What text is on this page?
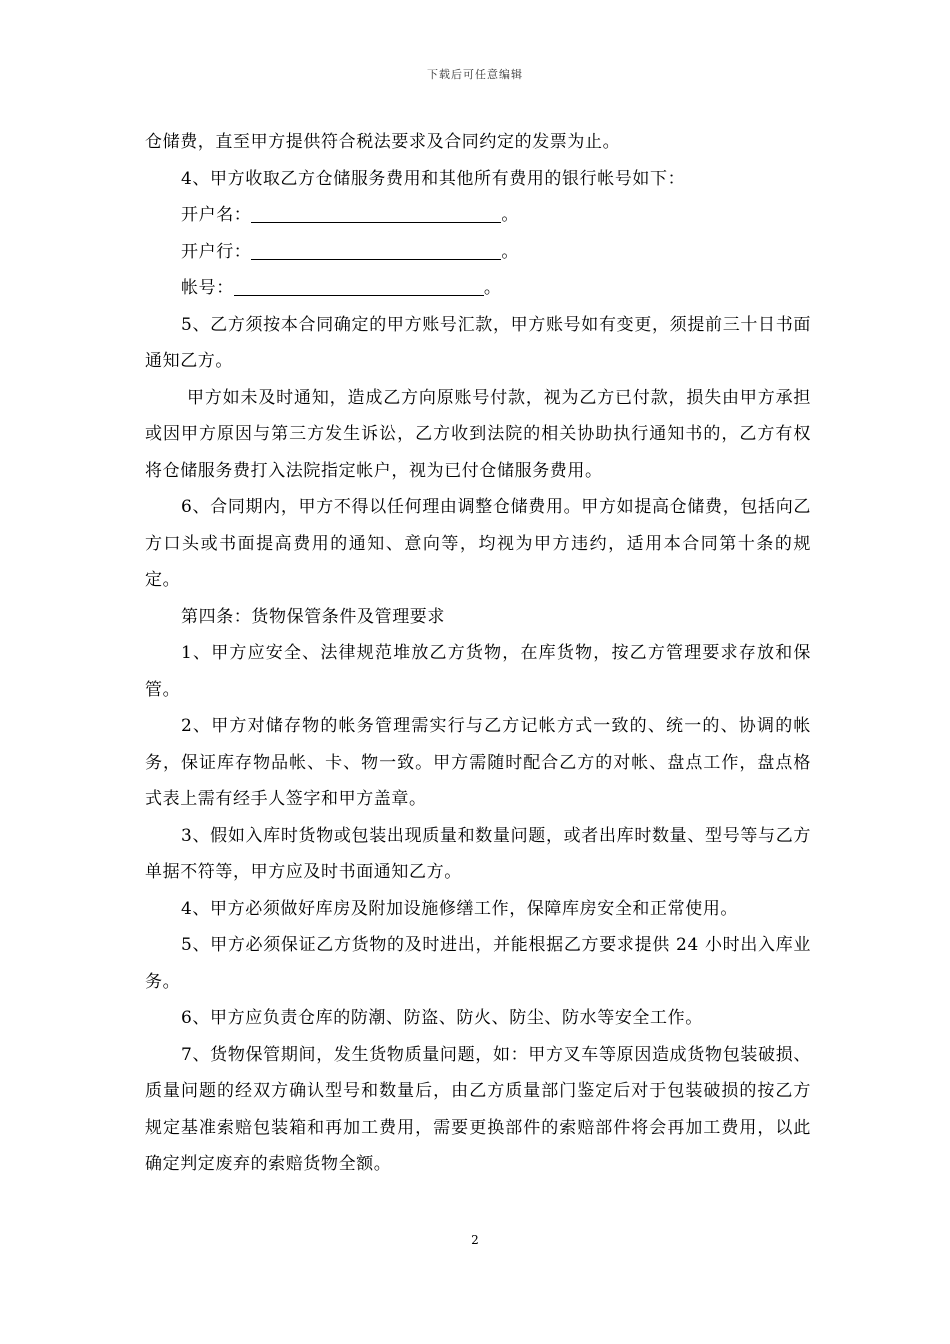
下载后可任意编辑

仓储费，直至甲方提供符合税法要求及合同约定的发票为止。

4、甲方收取乙方仓储服务费用和其他所有费用的银行帐号如下：

开户名：	。

开户行：	。

帐号：	。

5、乙方须按本合同确定的甲方账号汇款，甲方账号如有变更，须提前三十日书面通知乙方。

甲方如未及时通知，造成乙方向原账号付款，视为乙方已付款，损失由甲方承担或因甲方原因与第三方发生诉讼，乙方收到法院的相关协助执行通知书的，乙方有权将仓储服务费打入法院指定帐户，视为已付仓储服务费用。

6、合同期内，甲方不得以任何理由调整仓储费用。甲方如提高仓储费，包括向乙方口头或书面提高费用的通知、意向等，均视为甲方违约，适用本合同第十条的规定。

第四条：货物保管条件及管理要求

1、甲方应安全、法律规范堆放乙方货物，在库货物，按乙方管理要求存放和保管。

2、甲方对储存物的帐务管理需实行与乙方记帐方式一致的、统一的、协调的帐务，保证库存物品帐、卡、物一致。甲方需随时配合乙方的对帐、盘点工作，盘点格式表上需有经手人签字和甲方盖章。

3、假如入库时货物或包装出现质量和数量问题，或者出库时数量、型号等与乙方单据不符等，甲方应及时书面通知乙方。

4、甲方必须做好库房及附加设施修缮工作，保障库房安全和正常使用。

5、甲方必须保证乙方货物的及时进出，并能根据乙方要求提供 24 小时出入库业务。

6、甲方应负责仓库的防潮、防盗、防火、防尘、防水等安全工作。

7、货物保管期间，发生货物质量问题，如：甲方叉车等原因造成货物包装破损、质量问题的经双方确认型号和数量后，由乙方质量部门鉴定后对于包装破损的按乙方规定基准索赔包装箱和再加工费用，需要更换部件的索赔部件将会再加工费用，以此确定判定废弃的索赔货物全额。

2
